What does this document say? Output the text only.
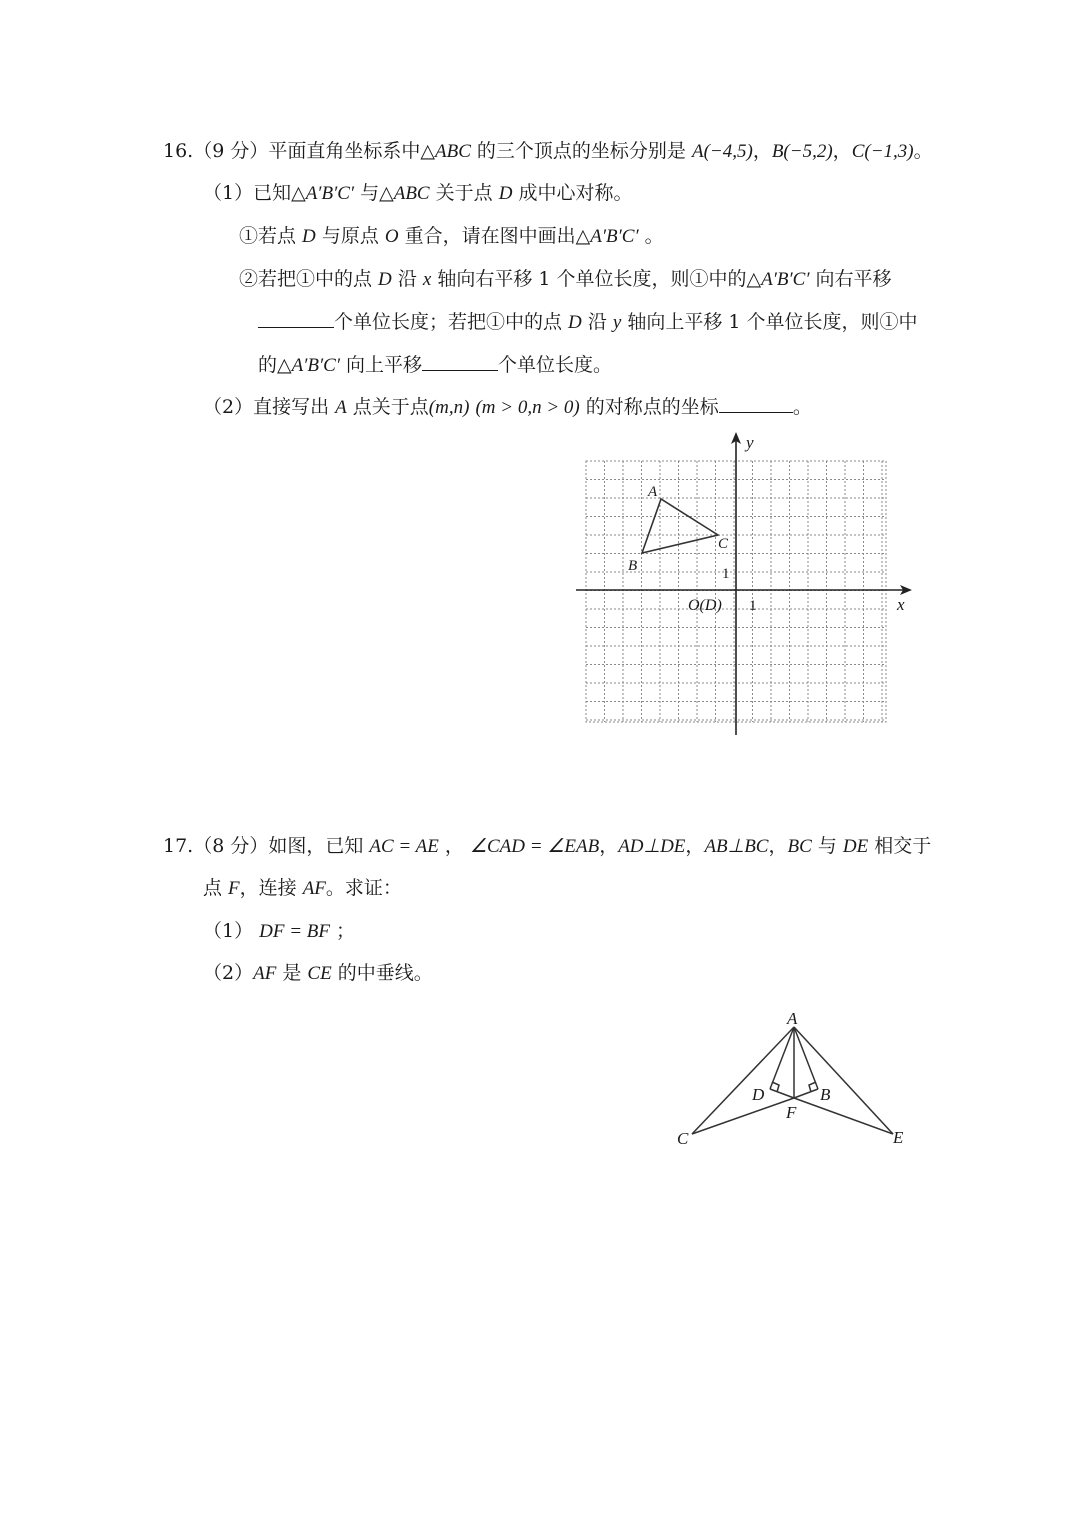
16.（9 分）平面直角坐标系中△ABC 的三个顶点的坐标分别是 A(−4,5)，B(−5,2)，C(−1,3)。
（1）已知△A′B′C′ 与△ABC 关于点 D 成中心对称。
①若点 D 与原点 O 重合，请在图中画出△A′B′C′ 。
②若把①中的点 D 沿 x 轴向右平移 1 个单位长度，则①中的△A′B′C′ 向右平移
个单位长度；若把①中的点 D 沿 y 轴向上平移 1 个单位长度，则①中
的△A′B′C′ 向上平移	个单位长度。
（2）直接写出 A 点关于点(m,n) (m > 0,n > 0) 的对称点的坐标	。
y
x
O(D) 1
1
A
B
C
17.（8 分）如图，已知 AC = AE ， ∠CAD = ∠EAB，AD⊥DE，AB⊥BC，BC 与 DE 相交于
点 F，连接 AF。求证：
（1） DF = BF ；
（2）AF 是 CE 的中垂线。
A
D	B
F
C	E
